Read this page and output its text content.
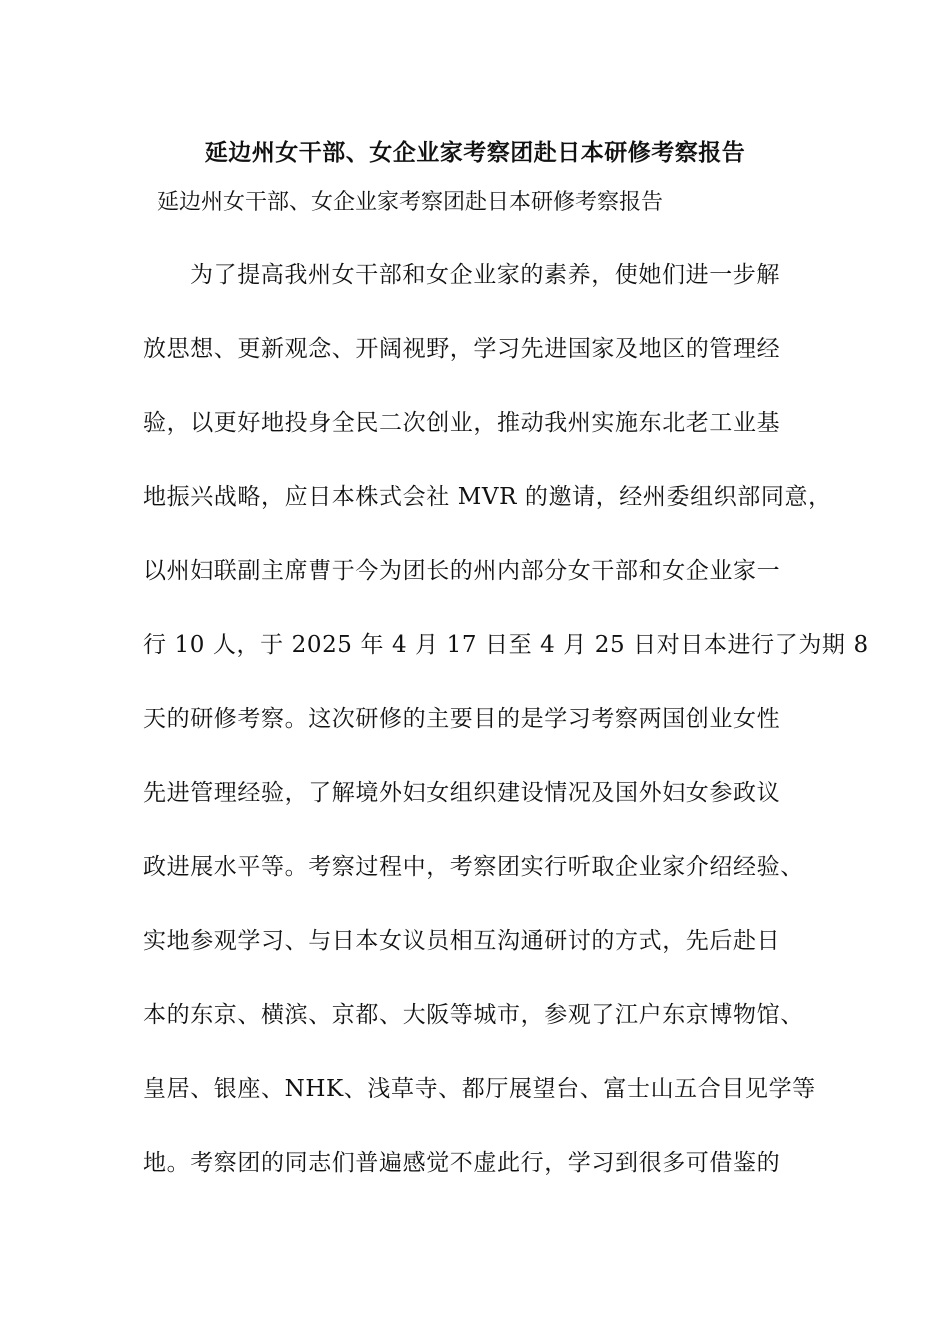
延边州女干部、女企业家考察团赴日本研修考察报告

延边州女干部、女企业家考察团赴日本研修考察报告

为了提高我州女干部和女企业家的素养，使她们进一步解
放思想、更新观念、开阔视野，学习先进国家及地区的管理经
验，以更好地投身全民二次创业，推动我州实施东北老工业基
地振兴战略，应日本株式会社 MVR 的邀请，经州委组织部同意，
以州妇联副主席曹于今为团长的州内部分女干部和女企业家一
行 10 人，于 2025 年 4 月 17 日至 4 月 25 日对日本进行了为期 8
天的研修考察。这次研修的主要目的是学习考察两国创业女性
先进管理经验，了解境外妇女组织建设情况及国外妇女参政议
政进展水平等。考察过程中，考察团实行听取企业家介绍经验、
实地参观学习、与日本女议员相互沟通研讨的方式，先后赴日
本的东京、横滨、京都、大阪等城市，参观了江户东京博物馆、
皇居、银座、NHK、浅草寺、都厅展望台、富士山五合目见学等
地。考察团的同志们普遍感觉不虚此行，学习到很多可借鉴的
